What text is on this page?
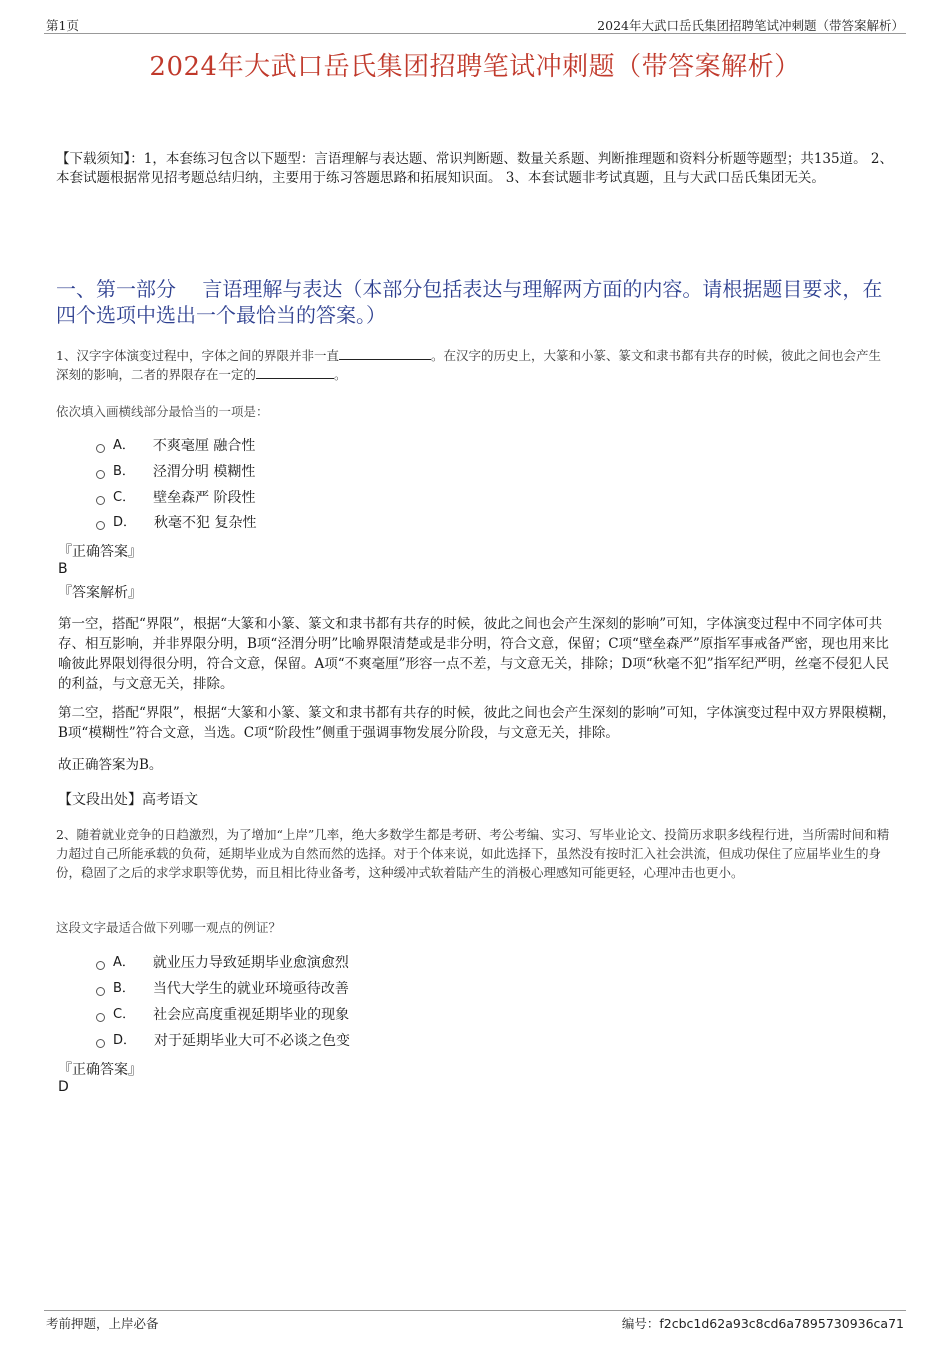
第1页	2024年大武口岳氏集团招聘笔试冲刺题（带答案解析）
2024年大武口岳氏集团招聘笔试冲刺题（带答案解析）
【下载须知】：1，本套练习包含以下题型：言语理解与表达题、常识判断题、数量关系题、判断推理题和资料分析题等题型；共135道。 2、本套试题根据常见招考题总结归纳，主要用于练习答题思路和拓展知识面。 3、本套试题非考试真题，且与大武口岳氏集团无关。
一、第一部分　 言语理解与表达（本部分包括表达与理解两方面的内容。请根据题目要求，在四个选项中选出一个最恰当的答案。）
1、汉字字体演变过程中，字体之间的界限并非一直	。在汉字的历史上，大篆和小篆、篆文和隶书都有共存的时候，彼此之间也会产生深刻的影响，二者的界限存在一定的	。
依次填入画横线部分最恰当的一项是：
A． 不爽毫厘 融合性
B． 泾渭分明 模糊性
C． 壁垒森严 阶段性
D． 秋毫不犯 复杂性
『正确答案』
B
『答案解析』
第一空，搭配“界限”，根据“大篆和小篆、篆文和隶书都有共存的时候，彼此之间也会产生深刻的影响”可知，字体演变过程中不同字体可共存、相互影响，并非界限分明，B项“泾渭分明”比喻界限清楚或是非分明，符合文意，保留；C项“壁垒森严”原指军事戒备严密，现也用来比喻彼此界限划得很分明，符合文意，保留。A项“不爽毫厘”形容一点不差，与文意无关，排除；D项“秋毫不犯”指军纪严明，丝毫不侵犯人民的利益，与文意无关，排除。
第二空，搭配“界限”，根据“大篆和小篆、篆文和隶书都有共存的时候，彼此之间也会产生深刻的影响”可知，字体演变过程中双方界限模糊，B项“模糊性”符合文意，当选。C项“阶段性”侧重于强调事物发展分阶段，与文意无关，排除。
故正确答案为B。
【文段出处】高考语文
2、随着就业竞争的日趋激烈，为了增加“上岸”几率，绝大多数学生都是考研、考公考编、实习、写毕业论文、投简历求职多线程行进，当所需时间和精力超过自己所能承载的负荷，延期毕业成为自然而然的选择。对于个体来说，如此选择下，虽然没有按时汇入社会洪流，但成功保住了应届毕业生的身份，稳固了之后的求学求职等优势，而且相比待业备考，这种缓冲式软着陆产生的消极心理感知可能更轻，心理冲击也更小。
这段文字最适合做下列哪一观点的例证？
A． 就业压力导致延期毕业愈演愈烈
B． 当代大学生的就业环境亟待改善
C． 社会应高度重视延期毕业的现象
D． 对于延期毕业大可不必谈之色变
『正确答案』
D
考前押题，上岸必备	编号：f2cbc1d62a93c8cd6a7895730936ca71
